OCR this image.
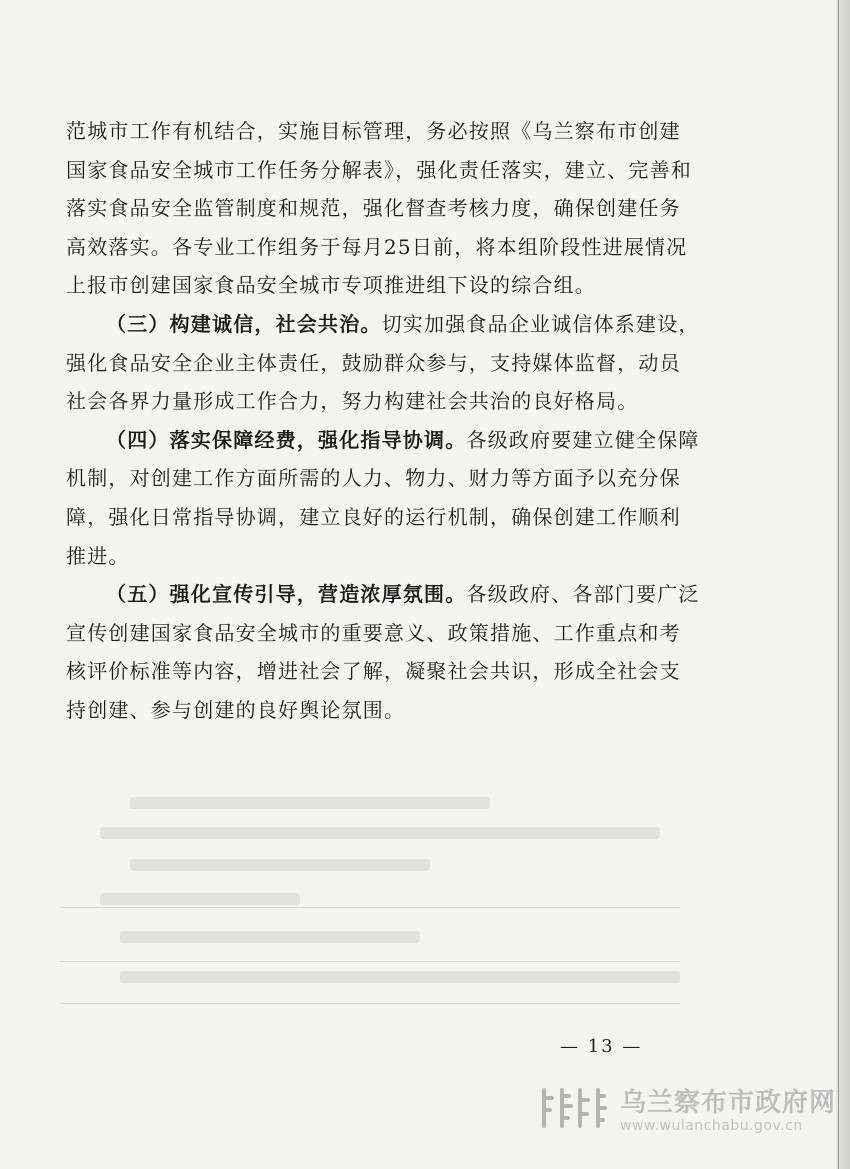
范城市工作有机结合，实施目标管理，务必按照《乌兰察布市创建国家食品安全城市工作任务分解表》，强化责任落实，建立、完善和落实食品安全监管制度和规范，强化督查考核力度，确保创建任务高效落实。各专业工作组务于每月25日前，将本组阶段性进展情况上报市创建国家食品安全城市专项推进组下设的综合组。

（三）构建诚信，社会共治。切实加强食品企业诚信体系建设，强化食品安全企业主体责任，鼓励群众参与，支持媒体监督，动员社会各界力量形成工作合力，努力构建社会共治的良好格局。

（四）落实保障经费，强化指导协调。各级政府要建立健全保障机制，对创建工作方面所需的人力、物力、财力等方面予以充分保障，强化日常指导协调，建立良好的运行机制，确保创建工作顺利推进。

（五）强化宣传引导，营造浓厚氛围。各级政府、各部门要广泛宣传创建国家食品安全城市的重要意义、政策措施、工作重点和考核评价标准等内容，增进社会了解，凝聚社会共识，形成全社会支持创建、参与创建的良好舆论氛围。

— 13 —
乌兰察布市政府网
www.wulanchabu.gov.cn
